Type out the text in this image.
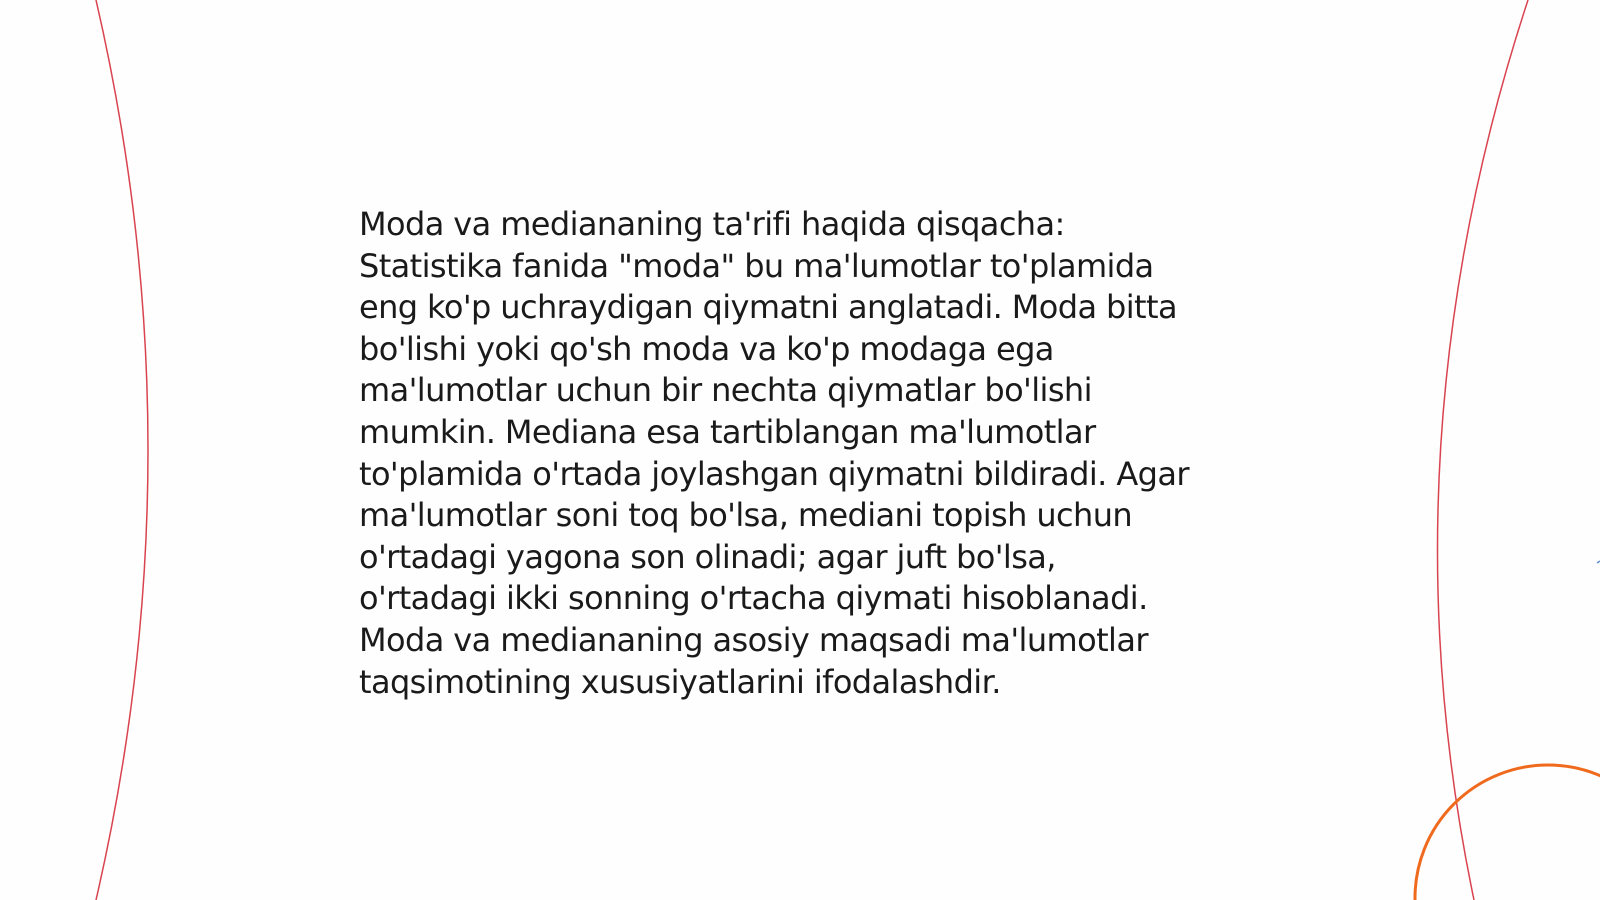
Moda va mediananing ta'rifi haqida qisqacha:
Statistika fanida "moda" bu ma'lumotlar to'plamida
eng ko'p uchraydigan qiymatni anglatadi. Moda bitta
bo'lishi yoki qo'sh moda va ko'p modaga ega
ma'lumotlar uchun bir nechta qiymatlar bo'lishi
mumkin. Mediana esa tartiblangan ma'lumotlar
to'plamida o'rtada joylashgan qiymatni bildiradi. Agar
ma'lumotlar soni toq bo'lsa, mediani topish uchun
o'rtadagi yagona son olinadi; agar juft bo'lsa,
o'rtadagi ikki sonning o'rtacha qiymati hisoblanadi.
Moda va mediananing asosiy maqsadi ma'lumotlar
taqsimotining xususiyatlarini ifodalashdir.
